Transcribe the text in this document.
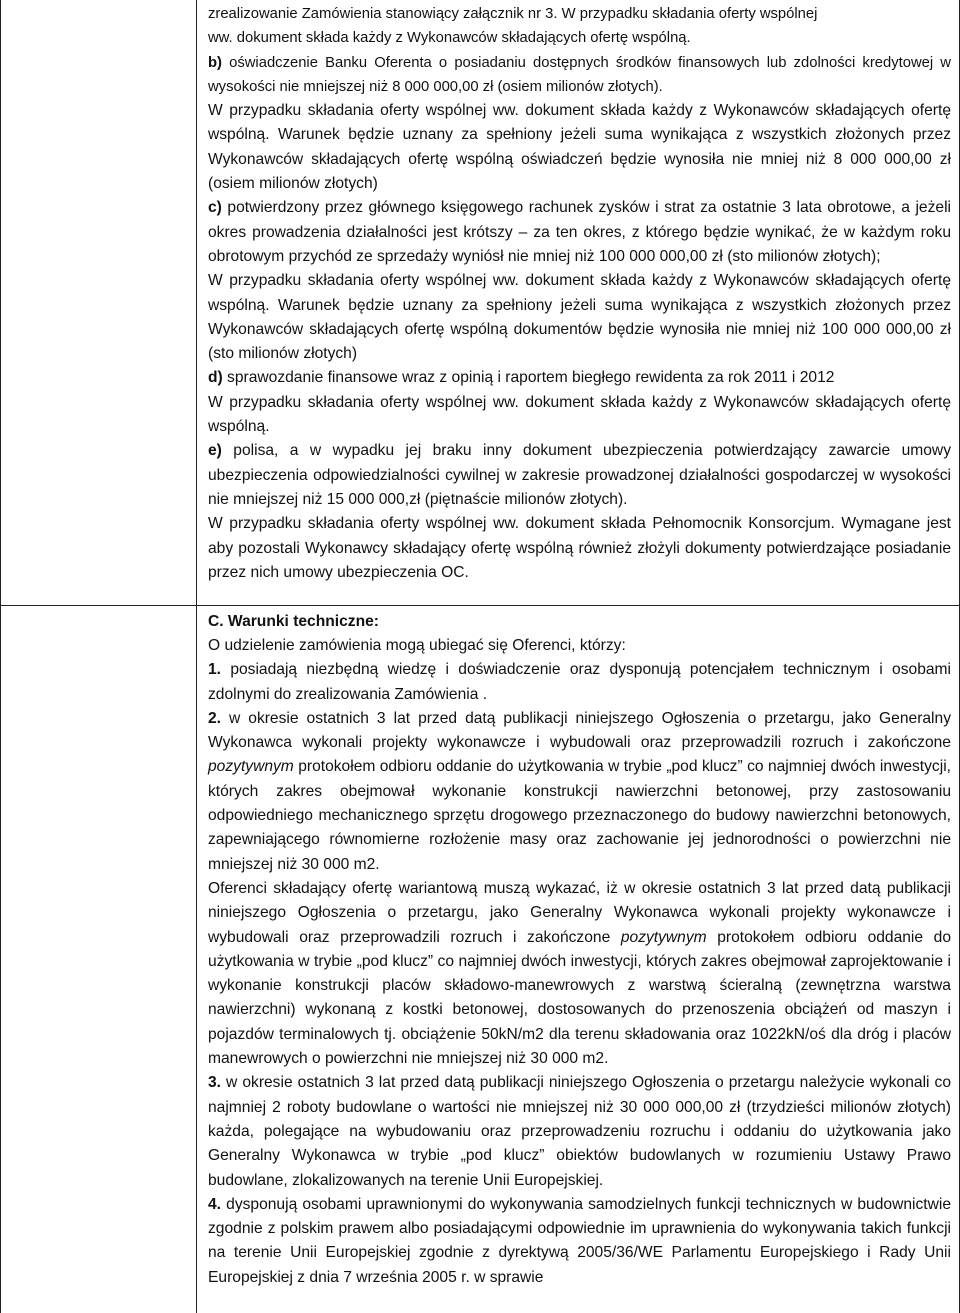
zrealizowanie Zamówienia stanowiący załącznik nr 3. W przypadku składania oferty wspólnej
ww. dokument składa każdy z Wykonawców składających ofertę wspólną.

b) oświadczenie Banku Oferenta o posiadaniu dostępnych środków finansowych lub zdolności kredytowej w wysokości nie mniejszej niż 8 000 000,00 zł (osiem milionów złotych).

W przypadku składania oferty wspólnej ww. dokument składa każdy z Wykonawców składających ofertę wspólną. Warunek będzie uznany za spełniony jeżeli suma wynikająca z wszystkich złożonych przez Wykonawców składających ofertę wspólną oświadczeń będzie wynosiła nie mniej niż 8 000 000,00 zł (osiem milionów złotych)

c) potwierdzony przez głównego księgowego rachunek zysków i strat za ostatnie 3 lata obrotowe, a jeżeli okres prowadzenia działalności jest krótszy – za ten okres, z którego będzie wynikać, że w każdym roku obrotowym przychód ze sprzedaży wyniósł nie mniej niż 100 000 000,00 zł (sto milionów złotych);

W przypadku składania oferty wspólnej ww. dokument składa każdy z Wykonawców składających ofertę wspólną. Warunek będzie uznany za spełniony jeżeli suma wynikająca z wszystkich złożonych przez Wykonawców składających ofertę wspólną dokumentów będzie wynosiła nie mniej niż 100 000 000,00 zł (sto milionów złotych)

d) sprawozdanie finansowe wraz z opinią i raportem biegłego rewidenta za rok 2011 i 2012

W przypadku składania oferty wspólnej ww. dokument składa każdy z Wykonawców składających ofertę wspólną.

e) polisa, a w wypadku jej braku inny dokument ubezpieczenia potwierdzający zawarcie umowy ubezpieczenia odpowiedzialności cywilnej w zakresie prowadzonej działalności gospodarczej w wysokości nie mniejszej niż 15 000 000,zł (piętnaście milionów złotych).

W przypadku składania oferty wspólnej ww. dokument składa Pełnomocnik Konsorcjum. Wymagane jest aby pozostali Wykonawcy składający ofertę wspólną również złożyli dokumenty potwierdzające posiadanie przez nich umowy ubezpieczenia OC.

C. Warunki techniczne:

O udzielenie zamówienia mogą ubiegać się Oferenci, którzy:

1. posiadają niezbędną wiedzę i doświadczenie oraz dysponują potencjałem technicznym i osobami zdolnymi do zrealizowania Zamówienia .

2. w okresie ostatnich 3 lat przed datą publikacji niniejszego Ogłoszenia o przetargu, jako Generalny Wykonawca wykonali projekty wykonawcze i wybudowali oraz przeprowadzili rozruch i zakończone pozytywnym protokołem odbioru oddanie do użytkowania w trybie „pod klucz” co najmniej dwóch inwestycji, których zakres obejmował wykonanie konstrukcji nawierzchni betonowej, przy zastosowaniu odpowiedniego mechanicznego sprzętu drogowego przeznaczonego do budowy nawierzchni betonowych, zapewniającego równomierne rozłożenie masy oraz zachowanie jej jednorodności o powierzchni nie mniejszej niż 30 000 m2.

Oferenci składający ofertę wariantową muszą wykazać, iż w okresie ostatnich 3 lat przed datą publikacji niniejszego Ogłoszenia o przetargu, jako Generalny Wykonawca wykonali projekty wykonawcze i wybudowali oraz przeprowadzili rozruch i zakończone pozytywnym protokołem odbioru oddanie do użytkowania w trybie „pod klucz” co najmniej dwóch inwestycji, których zakres obejmował zaprojektowanie i wykonanie konstrukcji placów składowo-manewrowych z warstwą ścieralną (zewnętrzna warstwa nawierzchni) wykonaną z kostki betonowej, dostosowanych do przenoszenia obciążeń od maszyn i pojazdów terminalowych tj. obciążenie 50kN/m2 dla terenu składowania oraz 1022kN/oś dla dróg i placów manewrowych o powierzchni nie mniejszej niż 30 000 m2.

3. w okresie ostatnich 3 lat przed datą publikacji niniejszego Ogłoszenia o przetargu należycie wykonali co najmniej 2 roboty budowlane o wartości nie mniejszej niż 30 000 000,00 zł (trzydzieści milionów złotych) każda, polegające na wybudowaniu oraz przeprowadzeniu rozruchu i oddaniu do użytkowania jako Generalny Wykonawca w trybie „pod klucz” obiektów budowlanych w rozumieniu Ustawy Prawo budowlane, zlokalizowanych na terenie Unii Europejskiej.

4. dysponują osobami uprawnionymi do wykonywania samodzielnych funkcji technicznych w budownictwie zgodnie z polskim prawem albo posiadającymi odpowiednie im uprawnienia do wykonywania takich funkcji na terenie Unii Europejskiej zgodnie z dyrektywą 2005/36/WE Parlamentu Europejskiego i Rady Unii Europejskiej z dnia 7 września 2005 r. w sprawie
